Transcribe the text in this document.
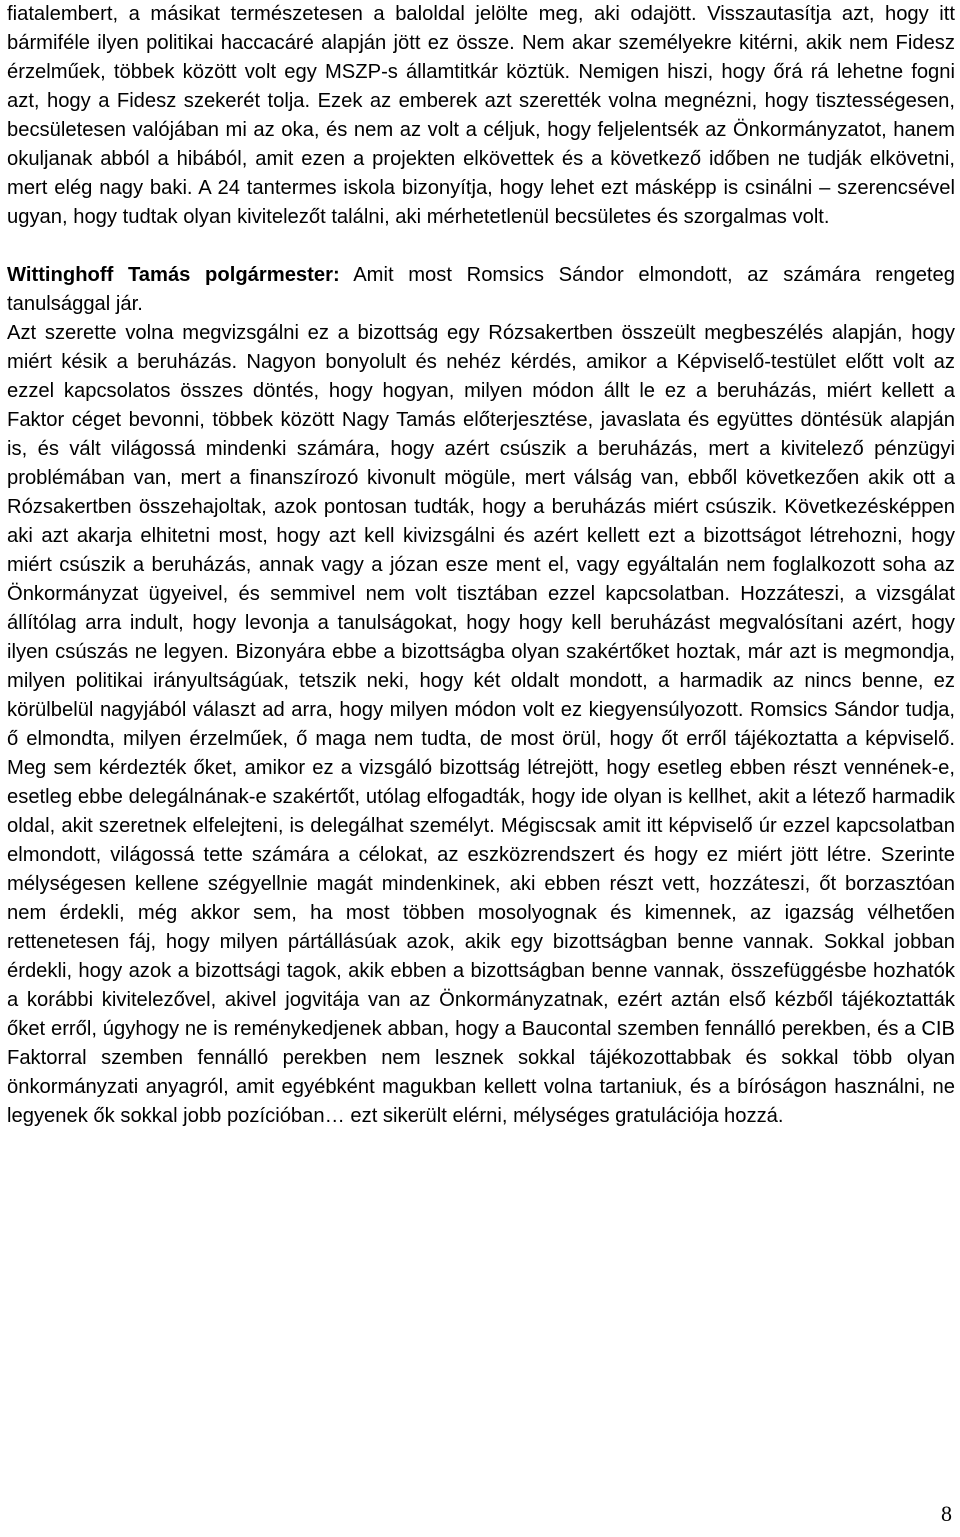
fiatalembert, a másikat természetesen a baloldal jelölte meg, aki odajött. Visszautasítja azt, hogy itt bármiféle ilyen politikai haccacáré alapján jött ez össze. Nem akar személyekre kitérni, akik nem Fidesz érzelműek, többek között volt egy MSZP-s államtitkár köztük. Nemigen hiszi, hogy őrá rá lehetne fogni azt, hogy a Fidesz szekerét tolja. Ezek az emberek azt szerették volna megnézni, hogy tisztességesen, becsületesen valójában mi az oka, és nem az volt a céljuk, hogy feljelentsék az Önkormányzatot, hanem okuljanak abból a hibából, amit ezen a projekten elkövettek és a következő időben ne tudják elkövetni, mert elég nagy baki. A 24 tantermes iskola bizonyítja, hogy lehet ezt másképp is csinálni – szerencsével ugyan, hogy tudtak olyan kivitelezőt találni, aki mérhetetlenül becsületes és szorgalmas volt.

Wittinghoff Tamás polgármester: Amit most Romsics Sándor elmondott, az számára rengeteg tanulsággal jár.

Azt szerette volna megvizsgálni ez a bizottság egy Rózsakertben összeült megbeszélés alapján, hogy miért késik a beruházás. Nagyon bonyolult és nehéz kérdés, amikor a Képviselő-testület előtt volt az ezzel kapcsolatos összes döntés, hogy hogyan, milyen módon állt le ez a beruházás, miért kellett a Faktor céget bevonni, többek között Nagy Tamás előterjesztése, javaslata és együttes döntésük alapján is, és vált világossá mindenki számára, hogy azért csúszik a beruházás, mert a kivitelező pénzügyi problémában van, mert a finanszírozó kivonult mögüle, mert válság van, ebből következően akik ott a Rózsakertben összehajoltak, azok pontosan tudták, hogy a beruházás miért csúszik. Következésképpen aki azt akarja elhitetni most, hogy azt kell kivizsgálni és azért kellett ezt a bizottságot létrehozni, hogy miért csúszik a beruházás, annak vagy a józan esze ment el, vagy egyáltalán nem foglalkozott soha az Önkormányzat ügyeivel, és semmivel nem volt tisztában ezzel kapcsolatban. Hozzáteszi, a vizsgálat állítólag arra indult, hogy levonja a tanulságokat, hogy hogy kell beruházást megvalósítani azért, hogy ilyen csúszás ne legyen. Bizonyára ebbe a bizottságba olyan szakértőket hoztak, már azt is megmondja, milyen politikai irányultságúak, tetszik neki, hogy két oldalt mondott, a harmadik az nincs benne, ez körülbelül nagyjából választ ad arra, hogy milyen módon volt ez kiegyensúlyozott. Romsics Sándor tudja, ő elmondta, milyen érzelműek, ő maga nem tudta, de most örül, hogy őt erről tájékoztatta a képviselő. Meg sem kérdezték őket, amikor ez a vizsgáló bizottság létrejött, hogy esetleg ebben részt vennének-e, esetleg ebbe delegálnának-e szakértőt, utólag elfogadták, hogy ide olyan is kellhet, akit a létező harmadik oldal, akit szeretnek elfelejteni, is delegálhat személyt. Mégiscsak amit itt képviselő úr ezzel kapcsolatban elmondott, világossá tette számára a célokat, az eszközrendszert és hogy ez miért jött létre. Szerinte mélységesen kellene szégyellnie magát mindenkinek, aki ebben részt vett, hozzáteszi, őt borzasztóan nem érdekli, még akkor sem, ha most többen mosolyognak és kimennek, az igazság vélhetően rettenetesen fáj, hogy milyen pártállásúak azok, akik egy bizottságban benne vannak. Sokkal jobban érdekli, hogy azok a bizottsági tagok, akik ebben a bizottságban benne vannak, összefüggésbe hozhatók a korábbi kivitelezővel, akivel jogvitája van az Önkormányzatnak, ezért aztán első kézből tájékoztatták őket erről, úgyhogy ne is reménykedjenek abban, hogy a Baucontal szemben fennálló perekben, és a CIB Faktorral szemben fennálló perekben nem lesznek sokkal tájékozottabbak és sokkal több olyan önkormányzati anyagról, amit egyébként magukban kellett volna tartaniuk, és a bíróságon használni, ne legyenek ők sokkal jobb pozícióban… ezt sikerült elérni, mélységes gratulációja hozzá.

8
